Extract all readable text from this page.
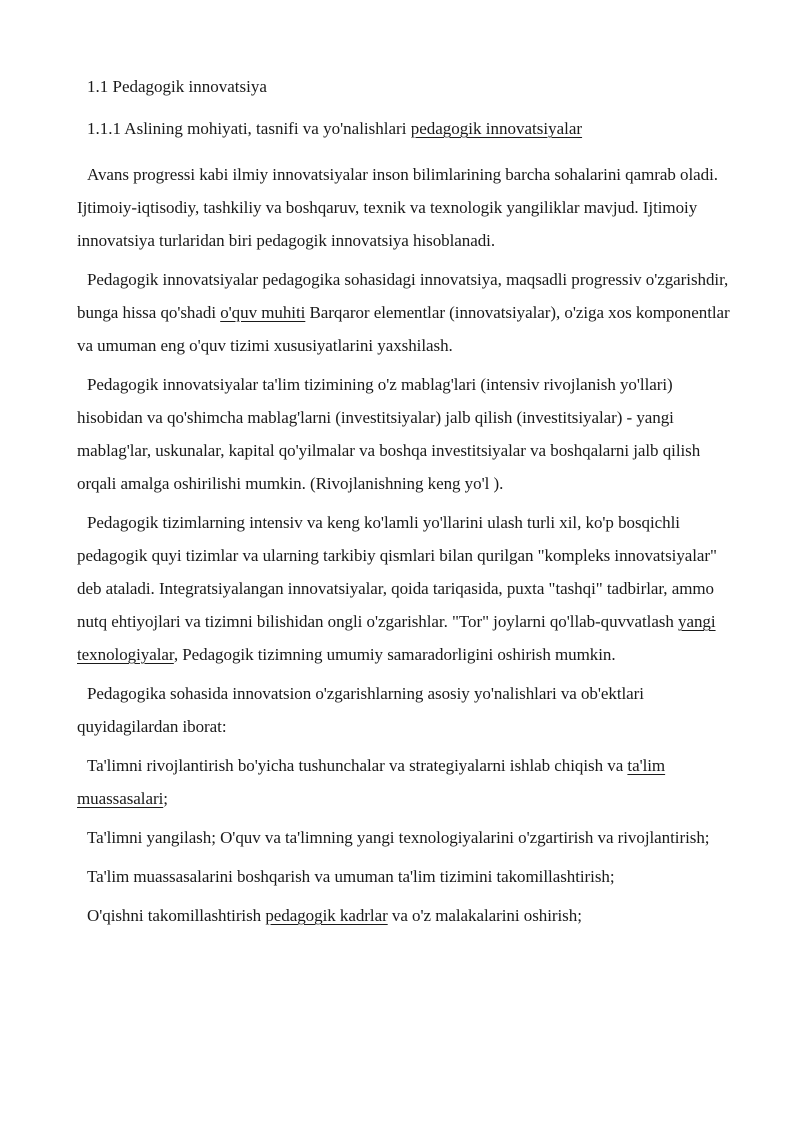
1.1 Pedagogik innovatsiya

1.1.1 Aslining mohiyati, tasnifi va yo'nalishlari pedagogik innovatsiyalar

Avans progressi kabi ilmiy innovatsiyalar inson bilimlarining barcha sohalarini qamrab oladi. Ijtimoiy-iqtisodiy, tashkiliy va boshqaruv, texnik va texnologik yangiliklar mavjud. Ijtimoiy innovatsiya turlaridan biri pedagogik innovatsiya hisoblanadi.

Pedagogik innovatsiyalar pedagogika sohasidagi innovatsiya, maqsadli progressiv o'zgarishdir, bunga hissa qo'shadi o'quv muhiti Barqaror elementlar (innovatsiyalar), o'ziga xos komponentlar va umuman eng o'quv tizimi xususiyatlarini yaxshilash.

Pedagogik innovatsiyalar ta'lim tizimining o'z mablag'lari (intensiv rivojlanish yo'llari) hisobidan va qo'shimcha mablag'larni (investitsiyalar) jalb qilish (investitsiyalar) - yangi mablag'lar, uskunalar, kapital qo'yilmalar va boshqa investitsiyalar va boshqalarni jalb qilish orqali amalga oshirilishi mumkin. (Rivojlanishning keng yo'l ).

Pedagogik tizimlarning intensiv va keng ko'lamli yo'llarini ulash turli xil, ko'p bosqichli pedagogik quyi tizimlar va ularning tarkibiy qismlari bilan qurilgan "kompleks innovatsiyalar" deb ataladi. Integratsiyalangan innovatsiyalar, qoida tariqasida, puxta "tashqi" tadbirlar, ammo nutq ehtiyojlari va tizimni bilishidan ongli o'zgarishlar. "Tor" joylarni qo'llab-quvvatlash yangi texnologiyalar, Pedagogik tizimning umumiy samaradorligini oshirish mumkin.

Pedagogika sohasida innovatsion o'zgarishlarning asosiy yo'nalishlari va ob'ektlari quyidagilardan iborat:

Ta'limni rivojlantirish bo'yicha tushunchalar va strategiyalarni ishlab chiqish va ta'lim muassasalari;

Ta'limni yangilash; O'quv va ta'limning yangi texnologiyalarini o'zgartirish va rivojlantirish;

Ta'lim muassasalarini boshqarish va umuman ta'lim tizimini takomillashtirish;

O'qishni takomillashtirish pedagogik kadrlar va o'z malakalarini oshirish;
